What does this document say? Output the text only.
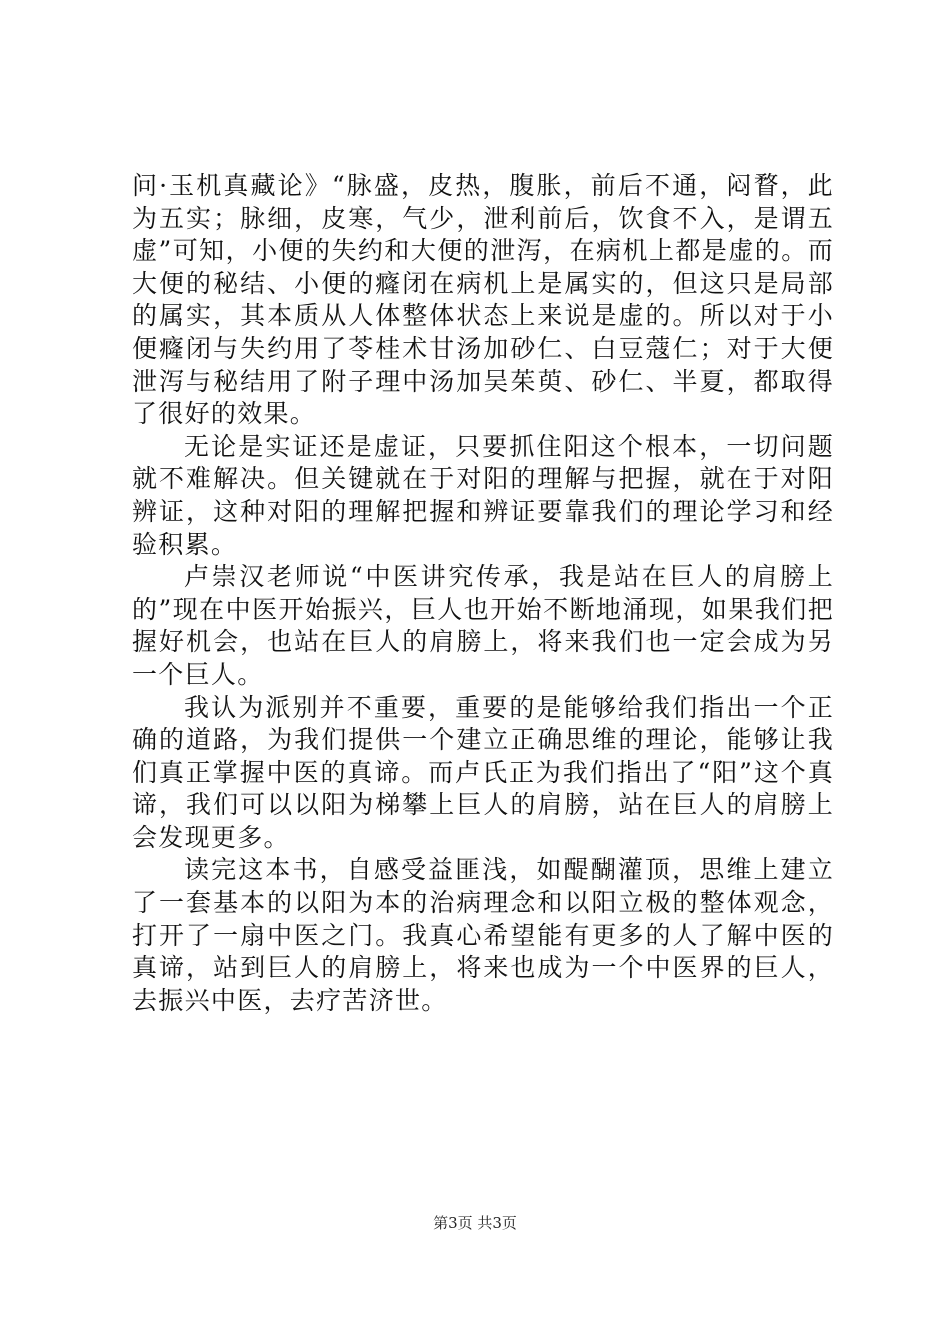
问·玉机真藏论》“脉盛，皮热，腹胀，前后不通，闷瞀，此为五实；脉细，皮寒，气少，泄利前后，饮食不入，是谓五虚”可知，小便的失约和大便的泄泻，在病机上都是虚的。而大便的秘结、小便的癃闭在病机上是属实的，但这只是局部的属实，其本质从人体整体状态上来说是虚的。所以对于小便癃闭与失约用了苓桂术甘汤加砂仁、白豆蔻仁；对于大便泄泻与秘结用了附子理中汤加吴茱萸、砂仁、半夏，都取得了很好的效果。

无论是实证还是虚证，只要抓住阳这个根本，一切问题就不难解决。但关键就在于对阳的理解与把握，就在于对阳辨证，这种对阳的理解把握和辨证要靠我们的理论学习和经验积累。

卢崇汉老师说“中医讲究传承，我是站在巨人的肩膀上的”现在中医开始振兴，巨人也开始不断地涌现，如果我们把握好机会，也站在巨人的肩膀上，将来我们也一定会成为另一个巨人。

我认为派别并不重要，重要的是能够给我们指出一个正确的道路，为我们提供一个建立正确思维的理论，能够让我们真正掌握中医的真谛。而卢氏正为我们指出了“阳”这个真谛，我们可以以阳为梯攀上巨人的肩膀，站在巨人的肩膀上会发现更多。

读完这本书，自感受益匪浅，如醍醐灌顶，思维上建立了一套基本的以阳为本的治病理念和以阳立极的整体观念，打开了一扇中医之门。我真心希望能有更多的人了解中医的真谛，站到巨人的肩膀上，将来也成为一个中医界的巨人，去振兴中医，去疗苦济世。

第3页 共3页
